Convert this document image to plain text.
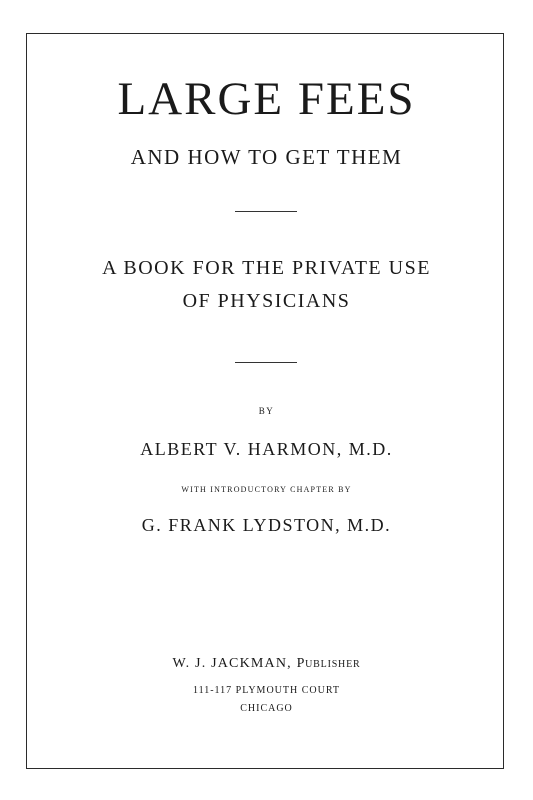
LARGE FEES
AND HOW TO GET THEM
A BOOK FOR THE PRIVATE USE
OF PHYSICIANS
BY
ALBERT V. HARMON, M.D.
WITH INTRODUCTORY CHAPTER BY
G. FRANK LYDSTON, M.D.
W. J. JACKMAN, Publisher
111-117 PLYMOUTH COURT
CHICAGO
